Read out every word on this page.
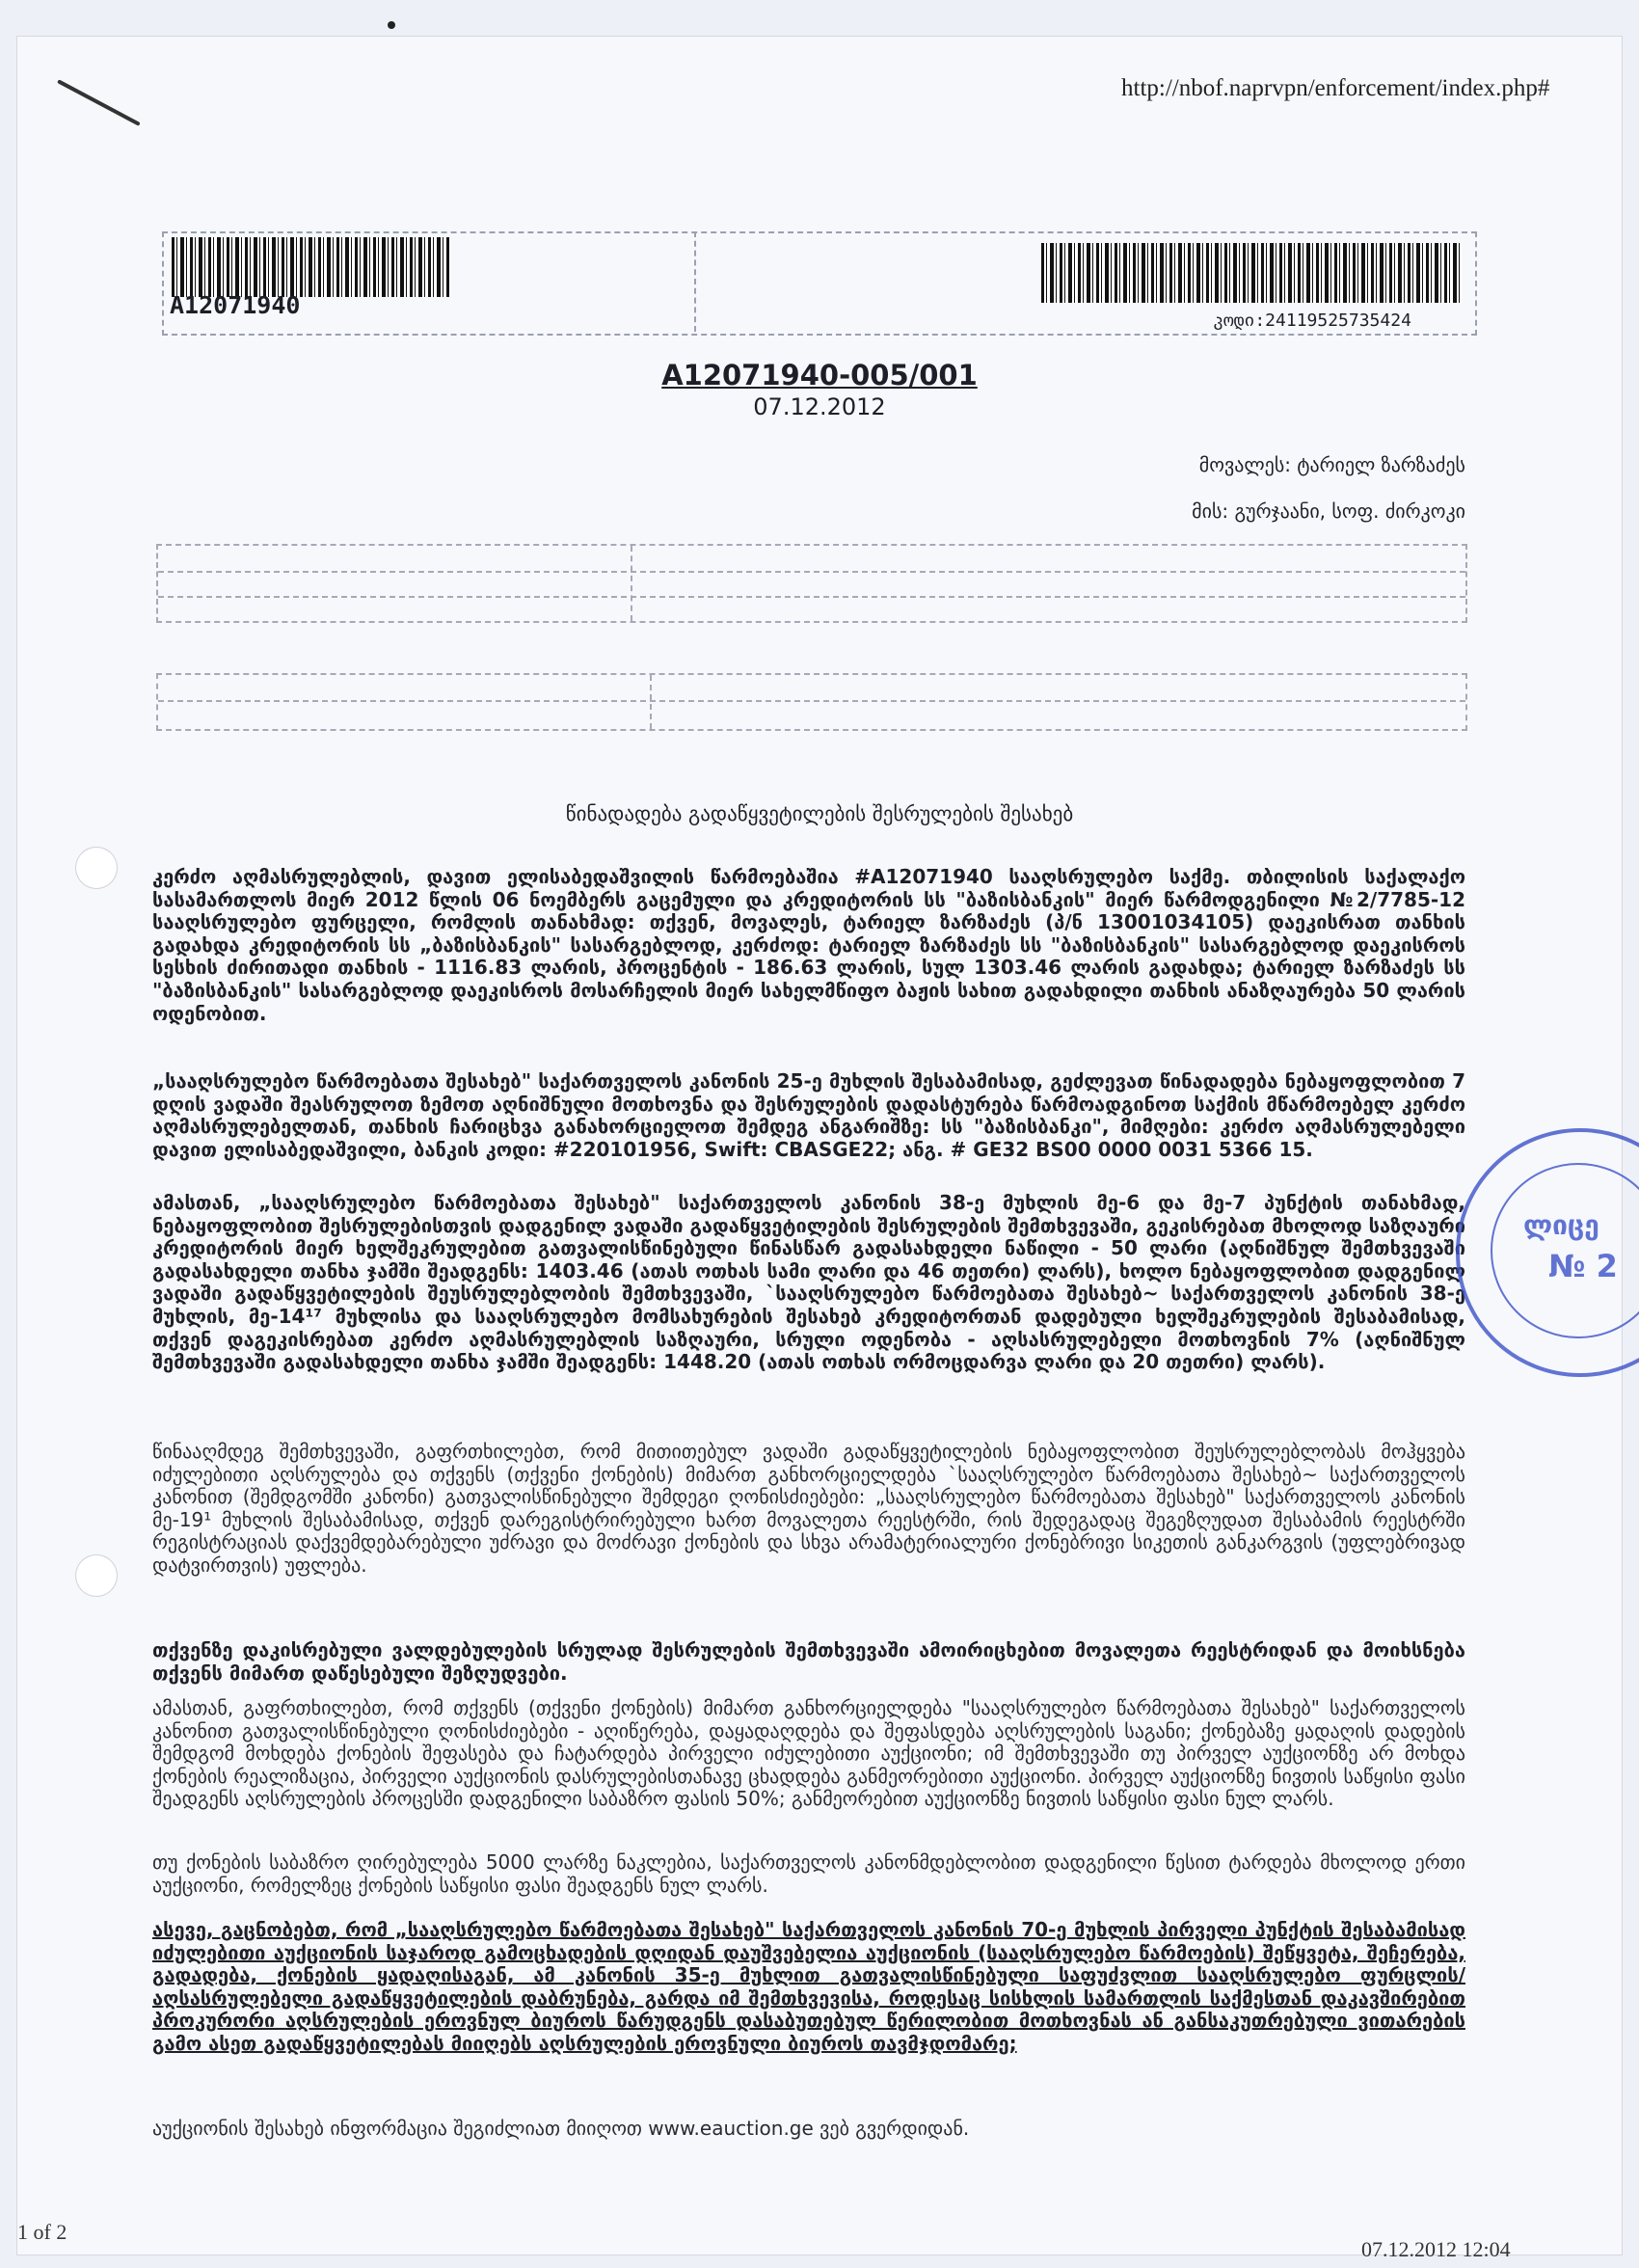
http://nbof.naprvpn/enforcement/index.php#
A12071940
კოდი:24119525735424
A12071940-005/001
07.12.2012
მოვალეს: ტარიელ ზარზაძეს
მის: გურჯაანი, სოფ. ძირკოკი
წინადადება გადაწყვეტილების შესრულების შესახებ
კერძო აღმასრულებლის, დავით ელისაბედაშვილის წარმოებაშია #A12071940 სააღსრულებო საქმე. თბილისის საქალაქო სასამართლოს მიერ 2012 წლის 06 ნოემბერს გაცემული და კრედიტორის სს "ბაზისბანკის" მიერ წარმოდგენილი №2/7785-12 სააღსრულებო ფურცელი, რომლის თანახმად: თქვენ, მოვალეს, ტარიელ ზარზაძეს (პ/ნ 13001034105) დაეკისრათ თანხის გადახდა კრედიტორის სს „ბაზისბანკის" სასარგებლოდ, კერძოდ: ტარიელ ზარზაძეს სს "ბაზისბანკის" სასარგებლოდ დაეკისროს სესხის ძირითადი თანხის - 1116.83 ლარის, პროცენტის - 186.63 ლარის, სულ 1303.46 ლარის გადახდა; ტარიელ ზარზაძეს სს "ბაზისბანკის" სასარგებლოდ დაეკისროს მოსარჩელის მიერ სახელმწიფო ბაჟის სახით გადახდილი თანხის ანაზღაურება 50 ლარის ოდენობით.
„სააღსრულებო წარმოებათა შესახებ" საქართველოს კანონის 25-ე მუხლის შესაბამისად, გეძლევათ წინადადება ნებაყოფლობით 7 დღის ვადაში შეასრულოთ ზემოთ აღნიშნული მოთხოვნა და შესრულების დადასტურება წარმოადგინოთ საქმის მწარმოებელ კერძო აღმასრულებელთან, თანხის ჩარიცხვა განახორციელოთ შემდეგ ანგარიშზე: სს "ბაზისბანკი", მიმღები: კერძო აღმასრულებელი დავით ელისაბედაშვილი, ბანკის კოდი: #220101956, Swift: CBASGE22; ანგ. # GE32 BS00 0000 0031 5366 15.
ამასთან, „სააღსრულებო წარმოებათა შესახებ" საქართველოს კანონის 38-ე მუხლის მე-6 და მე-7 პუნქტის თანახმად, ნებაყოფლობით შესრულებისთვის დადგენილ ვადაში გადაწყვეტილების შესრულების შემთხვევაში, გეკისრებათ მხოლოდ საზღაური კრედიტორის მიერ ხელშეკრულებით გათვალისწინებული წინასწარ გადასახდელი ნაწილი - 50 ლარი (აღნიშნულ შემთხვევაში გადასახდელი თანხა ჯამში შეადგენს: 1403.46 (ათას ოთხას სამი ლარი და 46 თეთრი) ლარს), ხოლო ნებაყოფლობით დადგენილ ვადაში გადაწყვეტილების შეუსრულებლობის შემთხვევაში, `სააღსრულებო წარმოებათა შესახებ~ საქართველოს კანონის 38-ე მუხლის, მე-14¹⁷ მუხლისა და სააღსრულებო მომსახურების შესახებ კრედიტორთან დადებული ხელშეკრულების შესაბამისად, თქვენ დაგეკისრებათ კერძო აღმასრულებლის საზღაური, სრული ოდენობა - აღსასრულებელი მოთხოვნის 7% (აღნიშნულ შემთხვევაში გადასახდელი თანხა ჯამში შეადგენს: 1448.20 (ათას ოთხას ორმოცდარვა ლარი და 20 თეთრი) ლარს).
წინააღმდეგ შემთხვევაში, გაფრთხილებთ, რომ მითითებულ ვადაში გადაწყვეტილების ნებაყოფლობით შეუსრულებლობას მოჰყვება იძულებითი აღსრულება და თქვენს (თქვენი ქონების) მიმართ განხორციელდება `სააღსრულებო წარმოებათა შესახებ~ საქართველოს კანონით (შემდგომში კანონი) გათვალისწინებული შემდეგი ღონისძიებები: „სააღსრულებო წარმოებათა შესახებ" საქართველოს კანონის მე-19¹ მუხლის შესაბამისად, თქვენ დარეგისტრირებული ხართ მოვალეთა რეესტრში, რის შედეგადაც შეგეზღუდათ შესაბამის რეესტრში რეგისტრაციას დაქვემდებარებული უძრავი და მოძრავი ქონების და სხვა არამატერიალური ქონებრივი სიკეთის განკარგვის (უფლებრივად დატვირთვის) უფლება.
თქვენზე დაკისრებული ვალდებულების სრულად შესრულების შემთხვევაში ამოირიცხებით მოვალეთა რეესტრიდან და მოიხსნება თქვენს მიმართ დაწესებული შეზღუდვები.
ამასთან, გაფრთხილებთ, რომ თქვენს (თქვენი ქონების) მიმართ განხორციელდება "სააღსრულებო წარმოებათა შესახებ" საქართველოს კანონით გათვალისწინებული ღონისძიებები - აღიწერება, დაყადაღდება და შეფასდება აღსრულების საგანი; ქონებაზე ყადაღის დადების შემდგომ მოხდება ქონების შეფასება და ჩატარდება პირველი იძულებითი აუქციონი; იმ შემთხვევაში თუ პირველ აუქციონზე არ მოხდა ქონების რეალიზაცია, პირველი აუქციონის დასრულებისთანავე ცხადდება განმეორებითი აუქციონი. პირველ აუქციონზე ნივთის საწყისი ფასი შეადგენს აღსრულების პროცესში დადგენილი საბაზრო ფასის 50%; განმეორებით აუქციონზე ნივთის საწყისი ფასი ნულ ლარს.
თუ ქონების საბაზრო ღირებულება 5000 ლარზე ნაკლებია, საქართველოს კანონმდებლობით დადგენილი წესით ტარდება მხოლოდ ერთი აუქციონი, რომელზეც ქონების საწყისი ფასი შეადგენს ნულ ლარს.
ასევე, გაცნობებთ, რომ „სააღსრულებო წარმოებათა შესახებ" საქართველოს კანონის 70-ე მუხლის პირველი პუნქტის შესაბამისად იძულებითი აუქციონის საჯაროდ გამოცხადების დღიდან დაუშვებელია აუქციონის (სააღსრულებო წარმოების) შეწყვეტა, შეჩერება, გადადება, ქონების ყადაღისაგან, ამ კანონის 35-ე მუხლით გათვალისწინებული საფუძვლით სააღსრულებო ფურცლის/ აღსასრულებელი გადაწყვეტილების დაბრუნება, გარდა იმ შემთხვევისა, როდესაც სისხლის სამართლის საქმესთან დაკავშირებით პროკურორი აღსრულების ეროვნულ ბიუროს წარუდგენს დასაბუთებულ წერილობით მოთხოვნას ან განსაკუთრებული ვითარების გამო ასეთ გადაწყვეტილებას მიიღებს აღსრულების ეროვნული ბიუროს თავმჯდომარე;
აუქციონის შესახებ ინფორმაცია შეგიძლიათ მიიღოთ www.eauction.ge ვებ გვერდიდან.
ლიცე
№ 2
1 of 2
07.12.2012 12:04
